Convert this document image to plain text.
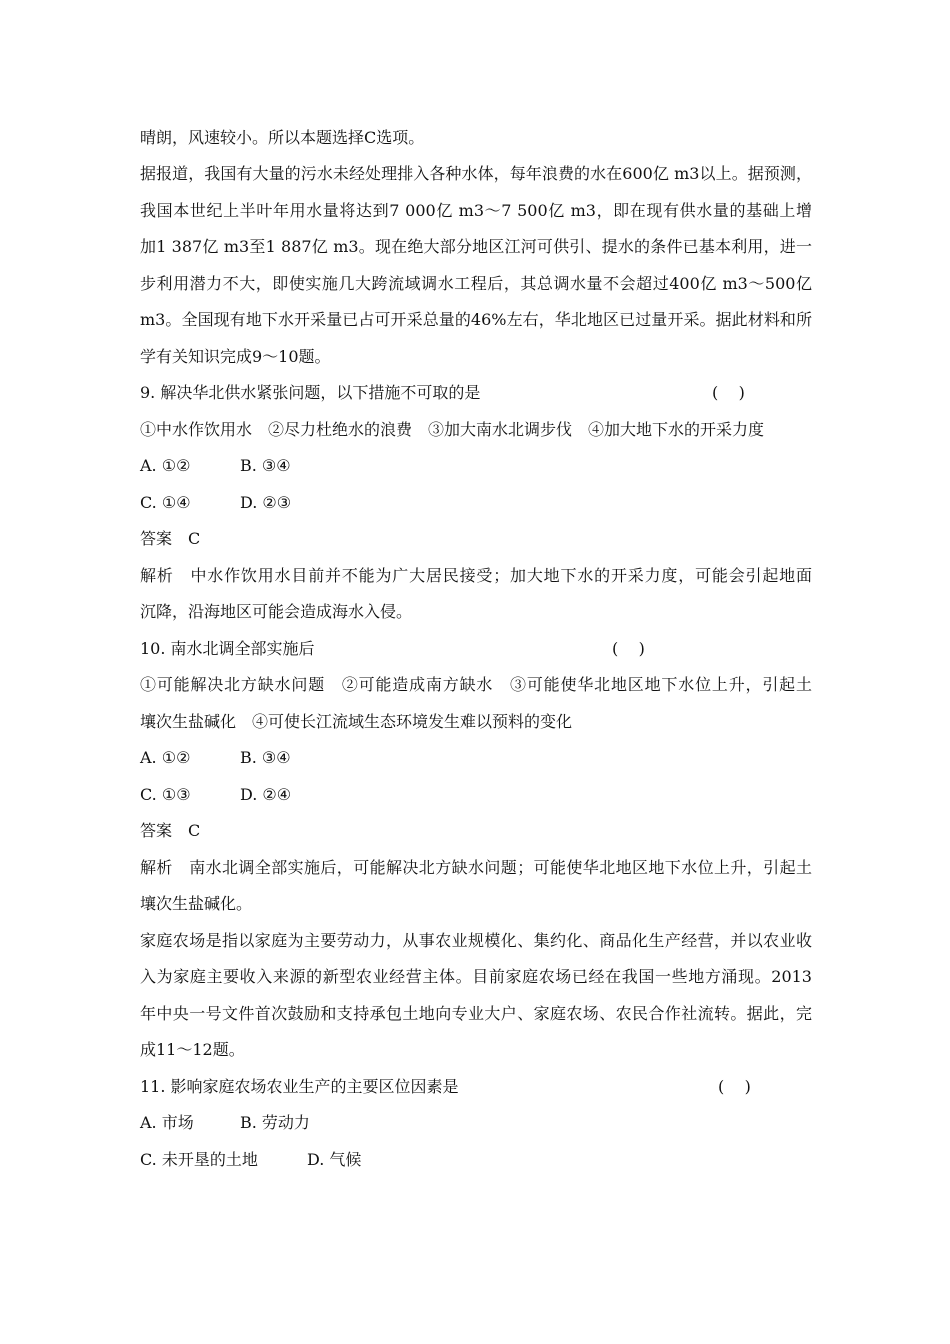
晴朗，风速较小。所以本题选择C选项。
据报道，我国有大量的污水未经处理排入各种水体，每年浪费的水在600亿 m3以上。据预测，
我国本世纪上半叶年用水量将达到7 000亿 m3～7 500亿 m3，即在现有供水量的基础上增
加1 387亿 m3至1 887亿 m3。现在绝大部分地区江河可供引、提水的条件已基本利用，进一
步利用潜力不大，即使实施几大跨流域调水工程后，其总调水量不会超过400亿 m3～500亿
m3。全国现有地下水开采量已占可开采总量的46%左右，华北地区已过量开采。据此材料和所
学有关知识完成9～10题。
9. 解决华北供水紧张问题，以下措施不可取的是	(    )
①中水作饮用水　②尽力杜绝水的浪费　③加大南水北调步伐　④加大地下水的开采力度
A. ①②	B. ③④
C. ①④	D. ②③
答案　C
解析　中水作饮用水目前并不能为广大居民接受；加大地下水的开采力度，可能会引起地面
沉降，沿海地区可能会造成海水入侵。
10. 南水北调全部实施后	(    )
①可能解决北方缺水问题　②可能造成南方缺水　③可能使华北地区地下水位上升，引起土
壤次生盐碱化　④可使长江流域生态环境发生难以预料的变化
A. ①②	B. ③④
C. ①③	D. ②④
答案　C
解析　南水北调全部实施后，可能解决北方缺水问题；可能使华北地区地下水位上升，引起土
壤次生盐碱化。
家庭农场是指以家庭为主要劳动力，从事农业规模化、集约化、商品化生产经营，并以农业收
入为家庭主要收入来源的新型农业经营主体。目前家庭农场已经在我国一些地方涌现。2013
年中央一号文件首次鼓励和支持承包土地向专业大户、家庭农场、农民合作社流转。据此，完
成11～12题。
11. 影响家庭农场农业生产的主要区位因素是	(    )
A. 市场	B. 劳动力
C. 未开垦的土地	D. 气候
